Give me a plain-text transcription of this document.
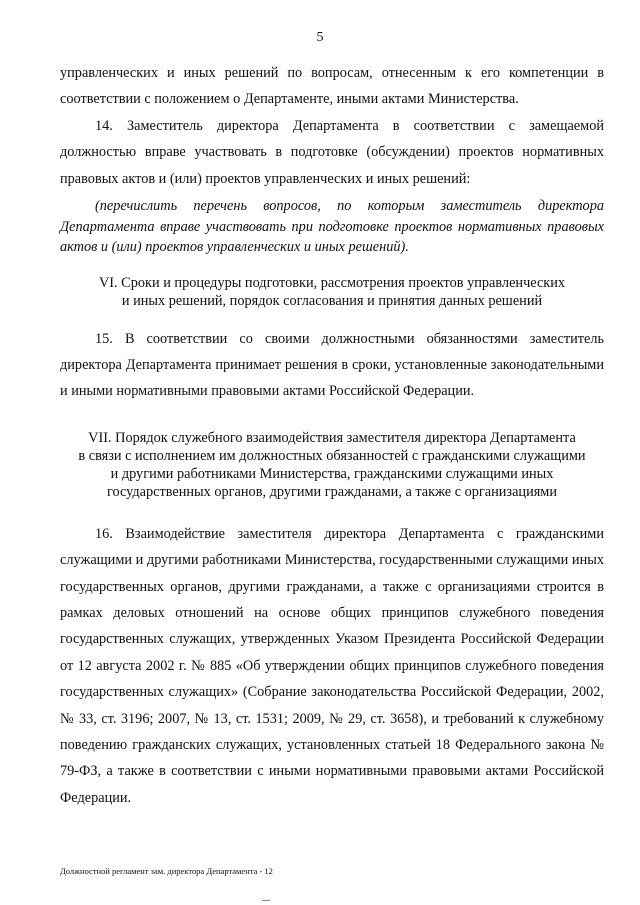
5

управленческих и иных решений по вопросам, отнесенным к его компетенции в соответствии с положением о Департаменте, иными актами Министерства.

14. Заместитель директора Департамента в соответствии с замещаемой должностью вправе участвовать в подготовке (обсуждении) проектов нормативных правовых актов и (или) проектов управленческих и иных решений:

(перечислить перечень вопросов, по которым заместитель директора Департамента вправе участвовать при подготовке проектов нормативных правовых актов и (или) проектов управленческих и иных решений).

VI. Сроки и процедуры подготовки, рассмотрения проектов управленческих
и иных решений, порядок согласования и принятия данных решений

15. В соответствии со своими должностными обязанностями заместитель директора Департамента принимает решения в сроки, установленные законодательными и иными нормативными правовыми актами Российской Федерации.

VII. Порядок служебного взаимодействия заместителя директора Департамента
в связи с исполнением им должностных обязанностей с гражданскими служащими
и другими работниками Министерства, гражданскими служащими иных
государственных органов, другими гражданами, а также с организациями

16. Взаимодействие заместителя директора Департамента с гражданскими служащими и другими работниками Министерства, государственными служащими иных государственных органов, другими гражданами, а также с организациями строится в рамках деловых отношений на основе общих принципов служебного поведения государственных служащих, утвержденных Указом Президента Российской Федерации от 12 августа 2002 г. № 885 «Об утверждении общих принципов служебного поведения государственных служащих» (Собрание законодательства Российской Федерации, 2002, № 33, ст. 3196; 2007, № 13, ст. 1531; 2009, № 29, ст. 3658), и требований к служебному поведению гражданских служащих, установленных статьей 18 Федерального закона № 79-ФЗ, а также в соответствии с иными нормативными правовыми актами Российской Федерации.

Должностной регламент зам. директора Департамента - 12
